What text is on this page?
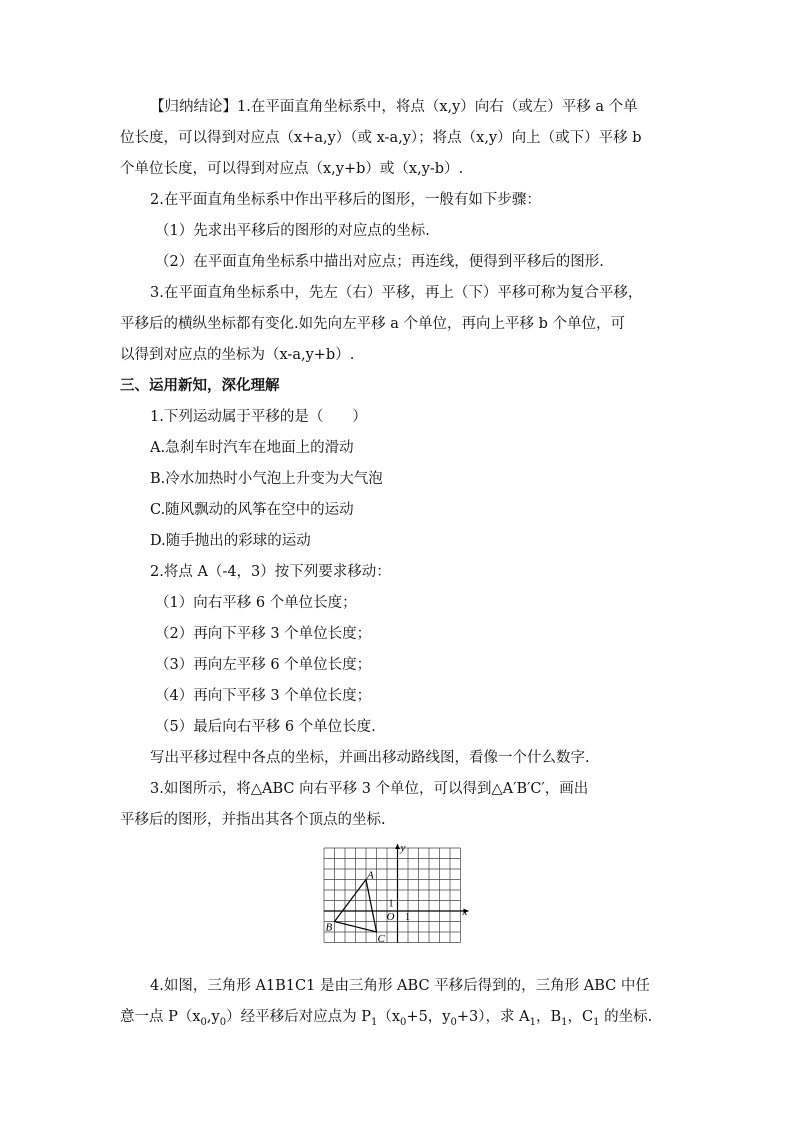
【归纳结论】1.在平面直角坐标系中，将点（x,y）向右（或左）平移 a 个单
位长度，可以得到对应点（x+a,y）（或 x-a,y）；将点（x,y）向上（或下）平移 b
个单位长度，可以得到对应点（x,y+b）或（x,y-b）.
2.在平面直角坐标系中作出平移后的图形，一般有如下步骤：
（1）先求出平移后的图形的对应点的坐标.
（2）在平面直角坐标系中描出对应点；再连线，便得到平移后的图形.
3.在平面直角坐标系中，先左（右）平移，再上（下）平移可称为复合平移，
平移后的横纵坐标都有变化.如先向左平移 a 个单位，再向上平移 b 个单位，可
以得到对应点的坐标为（x-a,y+b）.
三、运用新知，深化理解
1.下列运动属于平移的是（　　）
A.急刹车时汽车在地面上的滑动
B.冷水加热时小气泡上升变为大气泡
C.随风飘动的风筝在空中的运动
D.随手抛出的彩球的运动
2.将点 A（-4，3）按下列要求移动：
（1）向右平移 6 个单位长度；
（2）再向下平移 3 个单位长度；
（3）再向左平移 6 个单位长度；
（4）再向下平移 3 个单位长度；
（5）最后向右平移 6 个单位长度.
写出平移过程中各点的坐标，并画出移动路线图，看像一个什么数字.
3.如图所示，将△ABC 向右平移 3 个单位，可以得到△A′B′C′，画出
平移后的图形，并指出其各个顶点的坐标.
y
x
O 1
1
A
B
C
4.如图，三角形 A1B1C1 是由三角形 ABC 平移后得到的，三角形 ABC 中任
意一点 $P(x_0,y_0)$经平移后对应点为 $P_1(x_0+5$，$y_0+3$），求 $A_1$，$B_1$，$C_1$ 的坐标.
